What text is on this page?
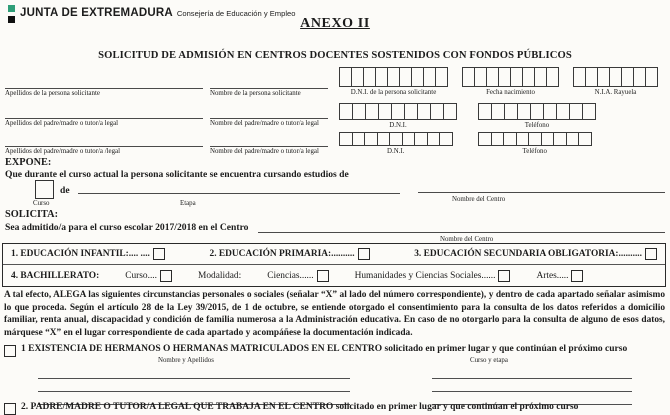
JUNTA DE EXTREMADURA Consejería de Educación y Empleo
ANEXO II
SOLICITUD DE ADMISIÓN EN CENTROS DOCENTES SOSTENIDOS CON FONDOS PÚBLICOS
Apellidos de la persona solicitante	Nombre de la persona solicitante	D.N.I. de la persona solicitante	Fecha nacimiento	N.I.A. Rayuela
Apellidos del padre/madre o tutor/a legal	Nombre del padre/madre o tutor/a legal	D.N.I.	Teléfono
Apellidos del padre/madre o tutor/a /legal	Nombre del padre/madre o tutor/a legal	D.N.I.	Teléfono
EXPONE:
Que durante el curso actual la persona solicitante se encuentra cursando estudios de
de
Curso	Etapa
Nombre del Centro
SOLICITA:
Sea admitido/a para el curso escolar 2017/2018 en el Centro
Nombre del Centro
1. EDUCACIÓN INFANTIL:.... ....	2. EDUCACIÓN PRIMARIA:..........	3. EDUCACIÓN SECUNDARIA OBLIGATORIA:..........
4. BACHILLERATO:	Curso....	Modalidad:	Ciencias......	Humanidades y Ciencias Sociales......	Artes.....
A tal efecto, ALEGA las siguientes circunstancias personales o sociales (señalar “X” al lado del número correspondiente), y dentro de cada apartado señalar asimismo lo que proceda. Según el artículo 28 de la Ley 39/2015, de 1 de octubre, se entiende otorgado el consentimiento para la consulta de los datos referidos a domicilio familiar, renta anual, discapacidad y condición de familia numerosa a la Administración educativa. En caso de no otorgarlo para la consulta de alguno de esos datos, márquese “X” en el lugar correspondiente de cada apartado y acompáñese la documentación indicada.
1 EXISTENCIA DE HERMANOS O HERMANAS MATRICULADOS EN EL CENTRO solicitado en primer lugar y que continúan el próximo curso
Nombre y Apellidos	Curso y etapa
2. PADRE/MADRE O TUTOR/A LEGAL QUE TRABAJA EN EL CENTRO solicitado en primer lugar y que continúan el próximo curso
